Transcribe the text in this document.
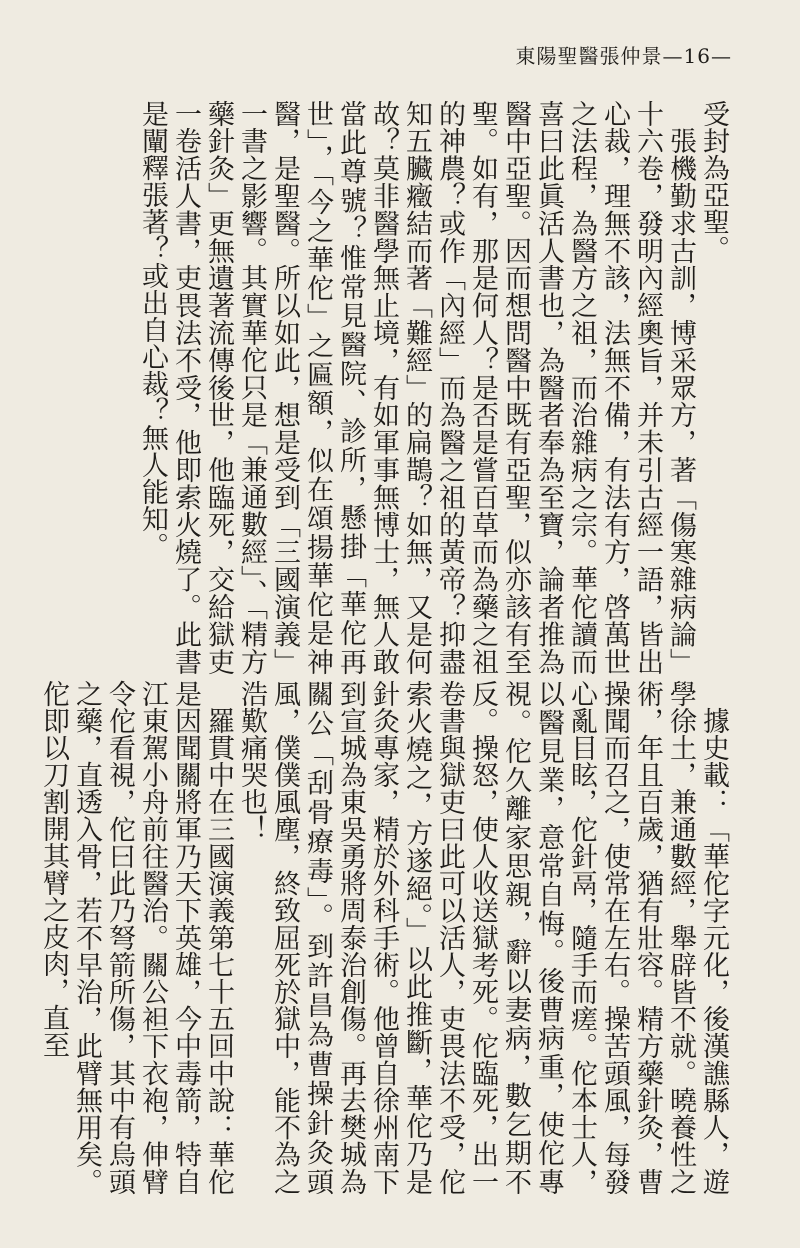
東陽聖醫張仲景—16—

受封為亞聖。

　張機勤求古訓，博采眾方，著「傷寒雜病論」十六卷，發明內經奧旨，并未引古經一語，皆出心裁，理無不該，法無不備，有法有方，啓萬世之法程，為醫方之祖，而治雜病之宗。華佗讀而喜曰此眞活人書也，為醫者奉為至寶，論者推為醫中亞聖。因而想問醫中既有亞聖，似亦該有至聖。如有，那是何人？是否是嘗百草而為藥之祖的神農？或作「內經」而為醫之祖的黃帝？抑盡知五臟癥結而著「難經」的扁鵲？如無，又是何故？莫非醫學無止境，有如軍事無博士，無人敢當此尊號？惟常見醫院、診所，懸掛「華佗再世」，「今之華佗」之匾額，似在頌揚華佗是神醫，是聖醫。所以如此，想是受到「三國演義」一書之影響。其實華佗只是「兼通數經」、「精方藥針灸」更無遺著流傳後世，他臨死，交給獄吏一卷活人書，吏畏法不受，他即索火燒了。此書是闡釋張著？或出自心裁？無人能知。

　據史載：「華佗字元化，後漢譙縣人，遊學徐土，兼通數經，舉辟皆不就。曉養性之術，年且百歲，猶有壯容。精方藥針灸，曹操聞而召之，使常在左右。操苦頭風，每發心亂目眩，佗針鬲，隨手而瘥。佗本士人，以醫見業，意常自悔。後曹病重，使佗專視。佗久離家思親，辭以妻病，數乞期不反。操怒，使人收送獄考死。佗臨死，出一卷書與獄吏曰此可以活人，吏畏法不受，佗索火燒之，方遂絕。」以此推斷，華佗乃是針灸專家，精於外科手術。他曾自徐州南下到宣城為東吳勇將周泰治創傷。再去樊城為關公「刮骨療毒」。到許昌為曹操針灸頭風，僕僕風塵，終致屈死於獄中，能不為之浩歎痛哭也！

　羅貫中在三國演義第七十五回中說：華佗是因聞關將軍乃天下英雄，今中毒箭，特自江東駕小舟前往醫治。關公袒下衣袍，伸臂令佗看視，佗曰此乃弩箭所傷，其中有烏頭之藥，直透入骨，若不早治，此臂無用矣。佗即以刀割開其臂之皮肉，直至
